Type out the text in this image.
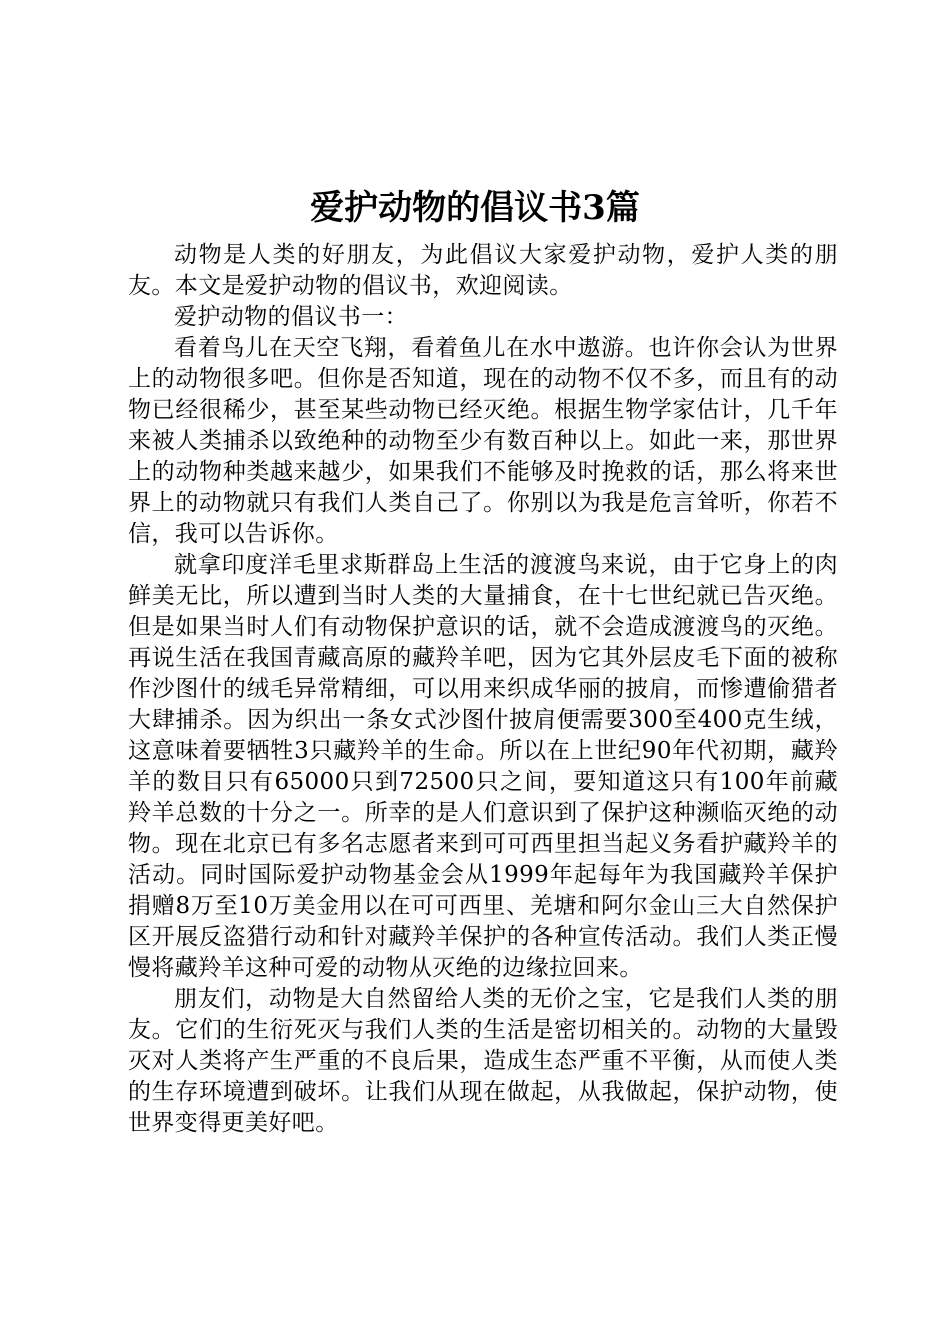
爱护动物的倡议书3篇

动物是人类的好朋友，为此倡议大家爱护动物，爱护人类的朋友。本文是爱护动物的倡议书，欢迎阅读。

爱护动物的倡议书一：

看着鸟儿在天空飞翔，看着鱼儿在水中遨游。也许你会认为世界上的动物很多吧。但你是否知道，现在的动物不仅不多，而且有的动物已经很稀少，甚至某些动物已经灭绝。根据生物学家估计，几千年来被人类捕杀以致绝种的动物至少有数百种以上。如此一来，那世界上的动物种类越来越少，如果我们不能够及时挽救的话，那么将来世界上的动物就只有我们人类自己了。你别以为我是危言耸听，你若不信，我可以告诉你。

就拿印度洋毛里求斯群岛上生活的渡渡鸟来说，由于它身上的肉鲜美无比，所以遭到当时人类的大量捕食，在十七世纪就已告灭绝。但是如果当时人们有动物保护意识的话，就不会造成渡渡鸟的灭绝。再说生活在我国青藏高原的藏羚羊吧，因为它其外层皮毛下面的被称作沙图什的绒毛异常精细，可以用来织成华丽的披肩，而惨遭偷猎者大肆捕杀。因为织出一条女式沙图什披肩便需要300至400克生绒，这意味着要牺牲3只藏羚羊的生命。所以在上世纪90年代初期，藏羚羊的数目只有65000只到72500只之间，要知道这只有100年前藏羚羊总数的十分之一。所幸的是人们意识到了保护这种濒临灭绝的动物。现在北京已有多名志愿者来到可可西里担当起义务看护藏羚羊的活动。同时国际爱护动物基金会从1999年起每年为我国藏羚羊保护捐赠8万至10万美金用以在可可西里、羌塘和阿尔金山三大自然保护区开展反盗猎行动和针对藏羚羊保护的各种宣传活动。我们人类正慢慢将藏羚羊这种可爱的动物从灭绝的边缘拉回来。

朋友们，动物是大自然留给人类的无价之宝，它是我们人类的朋友。它们的生衍死灭与我们人类的生活是密切相关的。动物的大量毁灭对人类将产生严重的不良后果，造成生态严重不平衡，从而使人类的生存环境遭到破坏。让我们从现在做起，从我做起，保护动物，使世界变得更美好吧。
